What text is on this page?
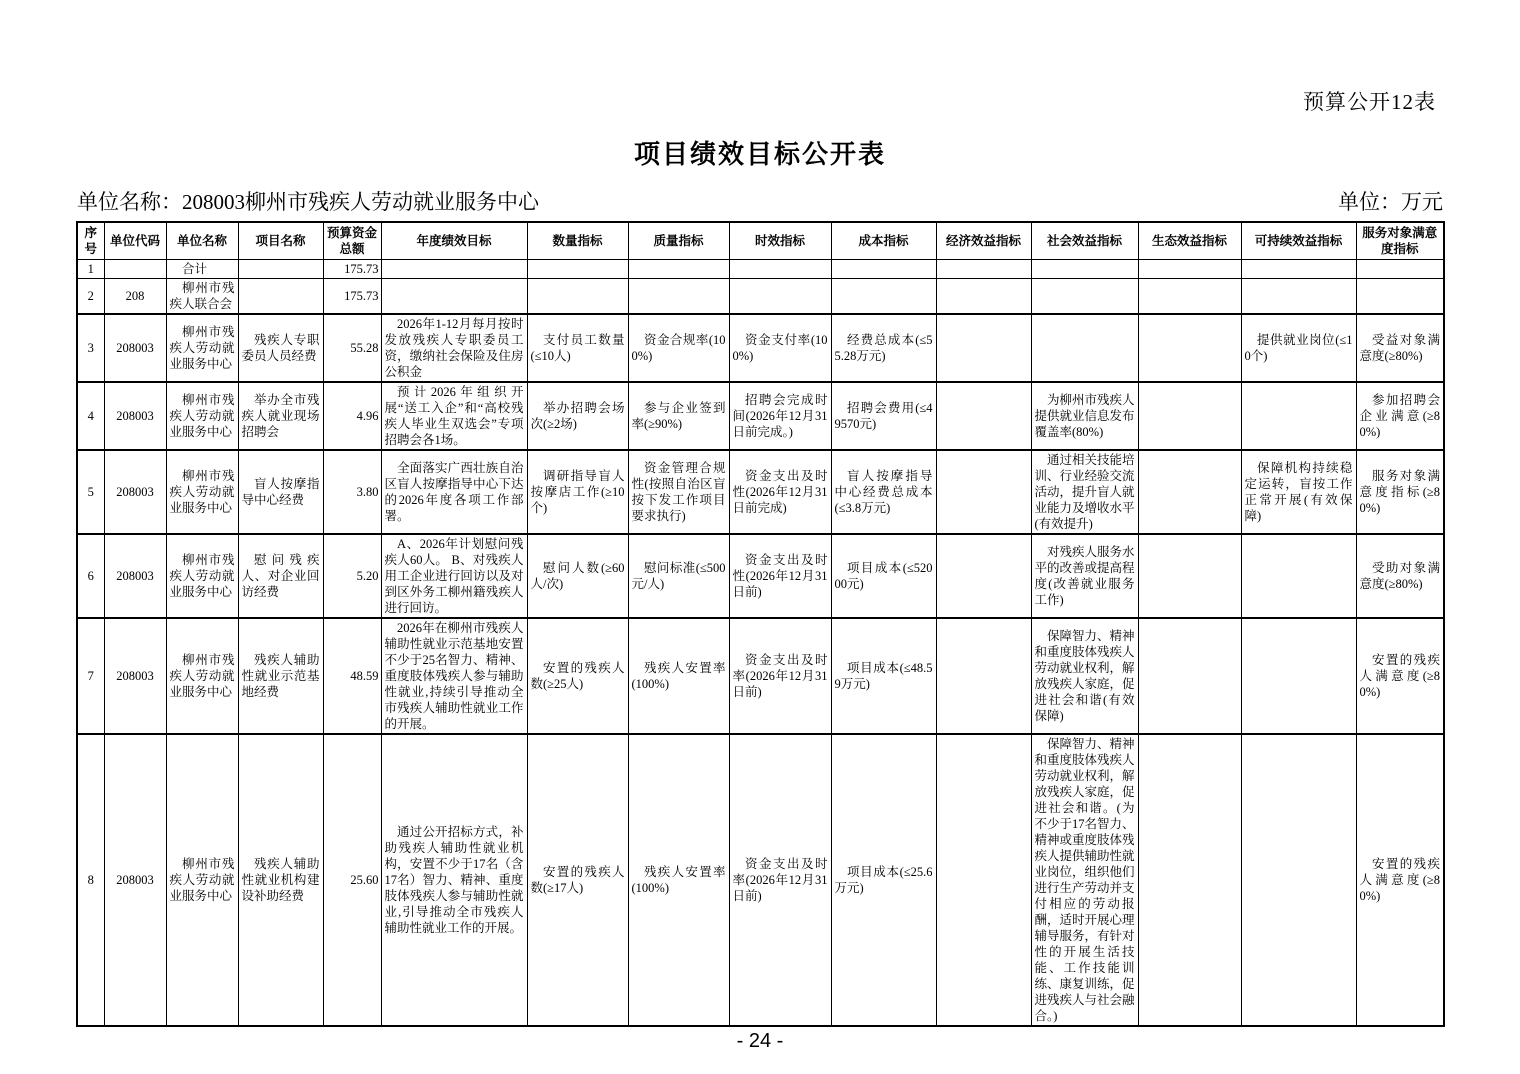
预算公开12表
项目绩效目标公开表
单位名称：208003柳州市残疾人劳动就业服务中心	单位：万元
序号	单位代码	单位名称	项目名称	预算资金总额	年度绩效目标	数量指标	质量指标	时效指标	成本指标	经济效益指标	社会效益指标	生态效益指标	可持续效益指标	服务对象满意度指标
1		合计		175.73										
2	208	柳州市残疾人联合会		175.73										
3	208003	柳州市残疾人劳动就业服务中心	残疾人专职委员人员经费	55.28	2026年1-12月每月按时发放残疾人专职委员工资，缴纳社会保险及住房公积金	支付员工数量(≤10人)	资金合规率(100%)	资金支付率(100%)	经费总成本(≤55.28万元)				提供就业岗位(≤10个)	受益对象满意度(≥80%)
4	208003	柳州市残疾人劳动就业服务中心	举办全市残疾人就业现场招聘会	4.96	预计2026年组织开展“送工入企”和“高校残疾人毕业生双选会”专项招聘会各1场。	举办招聘会场次(≥2场)	参与企业签到率(≥90%)	招聘会完成时间(2026年12月31日前完成。)	招聘会费用(≤49570元)		为柳州市残疾人提供就业信息发布覆盖率(80%)			参加招聘会企业满意(≥80%)
5	208003	柳州市残疾人劳动就业服务中心	盲人按摩指导中心经费	3.80	全面落实广西壮族自治区盲人按摩指导中心下达的2026年度各项工作部署。	调研指导盲人按摩店工作(≥10个)	资金管理合规性(按照自治区盲按下发工作项目要求执行)	资金支出及时性(2026年12月31日前完成)	盲人按摩指导中心经费总成本(≤3.8万元)		通过相关技能培训、行业经验交流活动，提升盲人就业能力及增收水平(有效提升)		保障机构持续稳定运转，盲按工作正常开展(有效保障)	服务对象满意度指标(≥80%)
6	208003	柳州市残疾人劳动就业服务中心	慰问残疾人、对企业回访经费	5.20	A、2026年计划慰问残疾人60人。 B、对残疾人用工企业进行回访以及对到区外务工柳州籍残疾人进行回访。	慰问人数(≥60人/次)	慰问标准(≤500元/人)	资金支出及时性(2026年12月31日前)	项目成本(≤52000元)		对残疾人服务水平的改善或提高程度(改善就业服务工作)			受助对象满意度(≥80%)
7	208003	柳州市残疾人劳动就业服务中心	残疾人辅助性就业示范基地经费	48.59	2026年在柳州市残疾人辅助性就业示范基地安置不少于25名智力、精神、重度肢体残疾人参与辅助性就业,持续引导推动全市残疾人辅助性就业工作的开展。	安置的残疾人数(≥25人)	残疾人安置率(100%)	资金支出及时率(2026年12月31日前)	项目成本(≤48.59万元)		保障智力、精神和重度肢体残疾人劳动就业权利，解放残疾人家庭，促进社会和谐(有效保障)			安置的残疾人满意度(≥80%)
8	208003	柳州市残疾人劳动就业服务中心	残疾人辅助性就业机构建设补助经费	25.60	通过公开招标方式，补助残疾人辅助性就业机构，安置不少于17名（含17名）智力、精神、重度肢体残疾人参与辅助性就业,引导推动全市残疾人辅助性就业工作的开展。	安置的残疾人数(≥17人)	残疾人安置率(100%)	资金支出及时率(2026年12月31日前)	项目成本(≤25.6万元)		保障智力、精神和重度肢体残疾人劳动就业权利，解放残疾人家庭，促进社会和谐。(为不少于17名智力、精神或重度肢体残疾人提供辅助性就业岗位，组织他们进行生产劳动并支付相应的劳动报酬，适时开展心理辅导服务，有针对性的开展生活技能、工作技能训练、康复训练，促进残疾人与社会融合。)			安置的残疾人满意度(≥80%)
- 24 -
